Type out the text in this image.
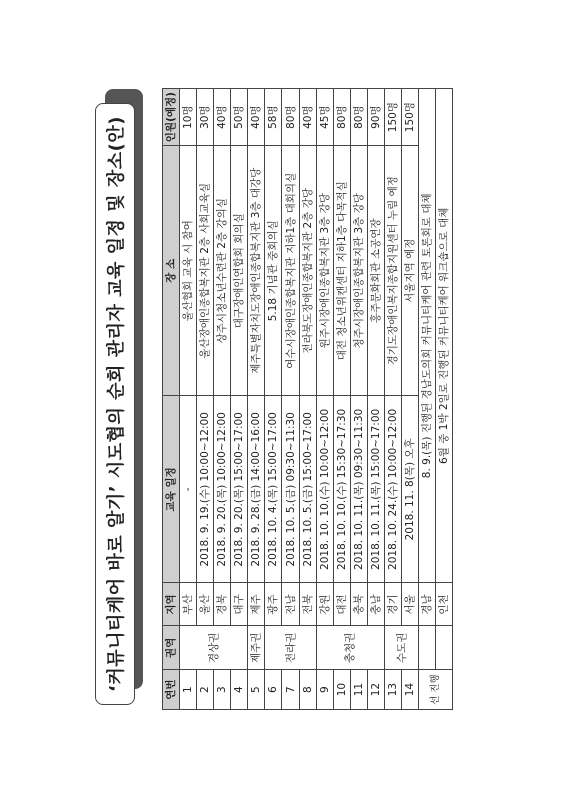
‘커뮤니티케어 바로 알기’ 시도협의 순회 관리자 교육 일정 및 장소(안)	연번	권역	지역	교육 일정	장 소	인원(예정)
1	경상권	부산	-	울산협회 교육 시 참여	10명
2		울산	2018. 9. 19.(수) 10:00~12:00	울산장애인종합복지관 2층 사회교육실	30명
3		경북	2018. 9. 20.(목) 10:00~12:00	상주시청소년수련관 2층 강의실	40명
4		대구	2018. 9. 20.(목) 15:00~17:00	대구장애인연합회 회의실	50명
5	제주권	제주	2018. 9. 28.(금) 14:00~16:00	제주특별자치도장애인종합복지관 3층 대강당	40명
6	전라권	광주	2018. 10. 4.(목) 15:00~17:00	5.18 기념관 중회의실	58명
7		전남	2018. 10. 5.(금) 09:30~11:30	여수시장애인종합복지관 지하1층 대회의실	80명
8		전북	2018. 10. 5.(금) 15:00~17:00	전라북도장애인종합복지관 2층 강당	40명
9	충청권	강원	2018. 10. 10.(수) 10:00~12:00	원주시장애인종합복지관 3층 강당	45명
10		대전	2018. 10. 10.(수) 15:30~17:30	대전 청소년위캔센터 지하1층 다목적실	80명
11		충북	2018. 10. 11.(목) 09:30~11:30	청주시장애인종합복지관 3층 강당	80명
12		충남	2018. 10. 11.(목) 15:00~17:00	홍주문화회관 소공연장	90명
13	수도권	경기	2018. 10. 24.(수) 10:00~12:00	경기도장애인복지종합지원센터 누림 예정	150명
14		서울	2018. 11. 8(목) 오후	서울지역 예정	150명
선 진행		경남	8. 9.(목) 진행된 경남도의회 커뮤니티케어 관련 토론회로 대체		
		인천	6월 중 1박 2일로 진행된 커뮤니티케어 워크숍으로 대체		
